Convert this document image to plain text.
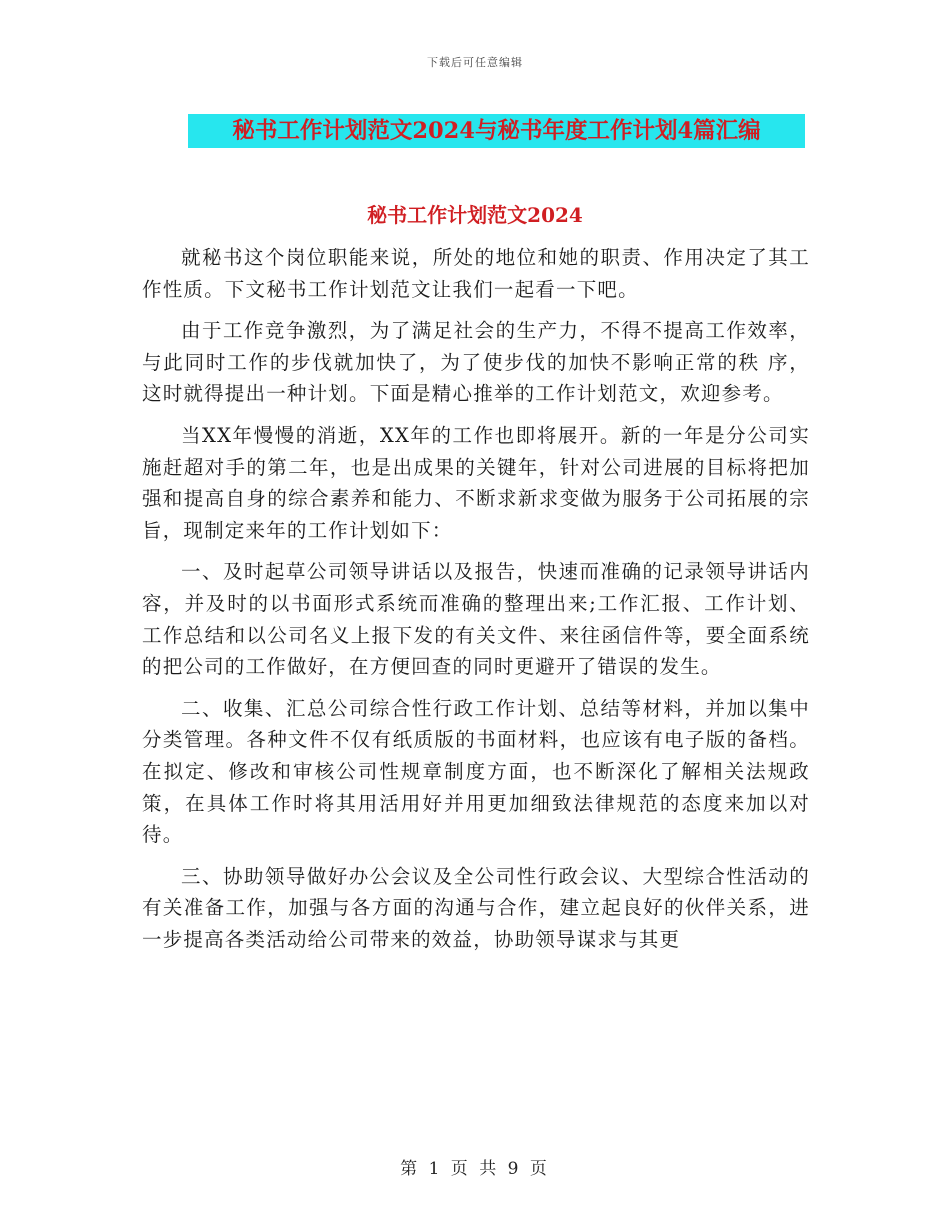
下载后可任意编辑
秘书工作计划范文2024与秘书年度工作计划4篇汇编
秘书工作计划范文2024

就秘书这个岗位职能来说，所处的地位和她的职责、作用决定了其工作性质。下文秘书工作计划范文让我们一起看一下吧。

由于工作竞争激烈，为了满足社会的生产力，不得不提高工作效率，与此同时工作的步伐就加快了，为了使步伐的加快不影响正常的秩 序，这时就得提出一种计划。下面是精心推举的工作计划范文，欢迎参考。

当XX年慢慢的消逝，XX年的工作也即将展开。新的一年是分公司实施赶超对手的第二年，也是出成果的关键年，针对公司进展的目标将把加强和提高自身的综合素养和能力、不断求新求变做为服务于公司拓展的宗旨，现制定来年的工作计划如下：

一、及时起草公司领导讲话以及报告，快速而准确的记录领导讲话内容，并及时的以书面形式系统而准确的整理出来;工作汇报、工作计划、工作总结和以公司名义上报下发的有关文件、来往函信件等，要全面系统的把公司的工作做好，在方便回查的同时更避开了错误的发生。

二、收集、汇总公司综合性行政工作计划、总结等材料，并加以集中分类管理。各种文件不仅有纸质版的书面材料，也应该有电子版的备档。在拟定、修改和审核公司性规章制度方面，也不断深化了解相关法规政策，在具体工作时将其用活用好并用更加细致法律规范的态度来加以对待。

三、协助领导做好办公会议及全公司性行政会议、大型综合性活动的有关准备工作，加强与各方面的沟通与合作，建立起良好的伙伴关系，进一步提高各类活动给公司带来的效益，协助领导谋求与其更

第 1 页 共 9 页
